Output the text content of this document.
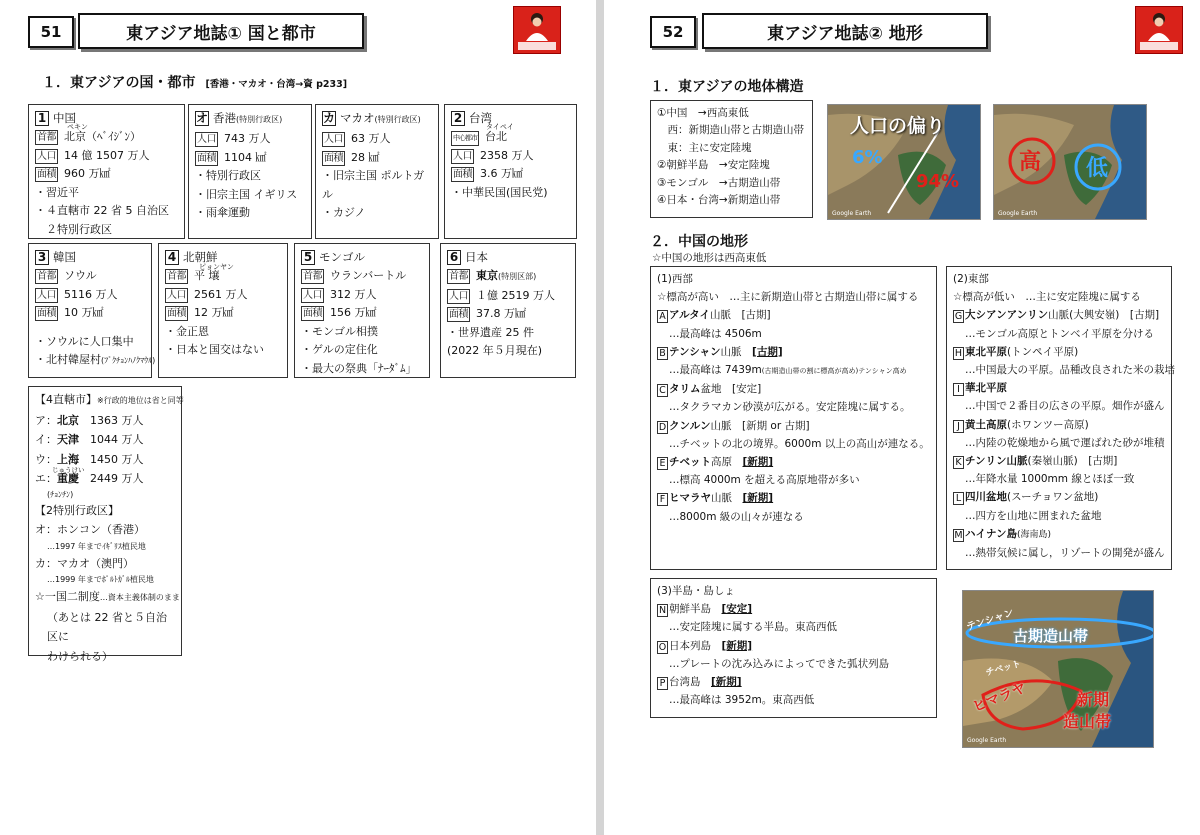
51	東アジア地誌① 国と都市
１．東アジアの国・都市 [香港・マカオ・台湾→資 p233]
1 中国
首都 北京（ﾍﾞｲｼﾞﾝ）
人口 14 億 1507 万人
面積 960 万㎢
・習近平
・４直轄市 22 省 5 自治区
　２特別行政区
ペキン
オ 香港(特別行政区)
人口 743 万人
面積 1104 ㎢
・特別行政区
・旧宗主国 イギリス
・雨傘運動
カ マカオ(特別行政区)
人口 63 万人
面積 28 ㎢
・旧宗主国 ポルトガル
・カジノ
2 台湾
中心都市 台北
人口 2358 万人
面積 3.6 万㎢
・中華民国(国民党)
タイペイ
3 韓国
首都 ソウル
人口 5116 万人
面積 10 万㎢
・ソウルに人口集中
・北村韓屋村(ﾌﾞｸﾁｮﾝﾊﾉｸﾏｳﾙ)
4 北朝鮮
首都 平 壌
人口 2561 万人
面積 12 万㎢
・金正恩
・日本と国交はない
ピョンヤン
5 モンゴル
首都 ウランバートル
人口 312 万人
面積 156 万㎢
・モンゴル相撲
・ゲルの定住化
・最大の祭典「ﾅｰﾀﾞﾑ」
6 日本
首都 東京(特別区部)
人口 １億 2519 万人
面積 37.8 万㎢
・世界遺産 25 件
(2022 年５月現在)
【4直轄市】※行政的地位は省と同等
ア：北京　 1363 万人
イ：天津　 1044 万人
ウ：上海　 1450 万人
エ：重慶　 2449 万人
(ﾁｮﾝﾁﾝ)
【2特別行政区】
オ：ホンコン（香港）
…1997 年までｲｷﾞﾘｽ植民地
カ：マカオ（澳門）
…1999 年までﾎﾟﾙﾄｶﾞﾙ植民地
☆一国二制度…資本主義体制のまま
（あとは 22 省と５自治区に
わけられる）
じゅうけい
52	東アジア地誌② 地形
１．東アジアの地体構造
①中国　→西高東低
　西：新期造山帯と古期造山帯
　東：主に安定陸塊
②朝鮮半島　→安定陸塊
③モンゴル　→古期造山帯
④日本・台湾→新期造山帯
人口の偏り
6%
94%
Google Earth
高 低
Google Earth
２．中国の地形
☆中国の地形は西高東低
(1)西部
☆標高が高い　…主に新期造山帯と古期造山帯に属する
A アルタイ山脈　 [古期]
…最高峰は 4506m
B テンシャン山脈　 [古期]
…最高峰は 7439m(古期造山帯の割に標高が高め)テンシャン高め
C タリム盆地　 [安定]
…タクラマカン砂漠が広がる。安定陸塊に属する。
D クンルン山脈　 [新期 or 古期]
…チベットの北の境界。6000m 以上の高山が連なる。
E チベット高原　 [新期]
…標高 4000m を超える高原地帯が多い
F ヒマラヤ山脈　 [新期]
…8000m 級の山々が連なる
(2)東部
☆標高が低い　…主に安定陸塊に属する
G 大シアンアンリン山脈(大興安嶺)　 [古期]
…モンゴル高原とトンベイ平原を分ける
H 東北平原(トンペイ平原)
…中国最大の平原。品種改良された米の栽培
I 華北平原
…中国で２番目の広さの平原。畑作が盛ん
J 黄土高原(ホワンツー高原)
…内陸の乾燥地から風で運ばれた砂が堆積
K チンリン山脈(秦嶺山脈)　 [古期]
…年降水量 1000mm 線とほぼ一致
L 四川盆地(スーチョワン盆地)
…四方を山地に囲まれた盆地
M ハイナン島(海南島)
…熱帯気候に属し，リゾートの開発が盛ん
(3)半島・島しょ
N 朝鮮半島　 [安定]
…安定陸塊に属する半島。東高西低
O 日本列島　 [新期]
…プレートの沈み込みによってできた弧状列島
P 台湾島　 [新期]
…最高峰は 3952m。東高西低
テンシャン
古期造山帯
チベット
ヒマラヤ	新期
造山帯
Google Earth
